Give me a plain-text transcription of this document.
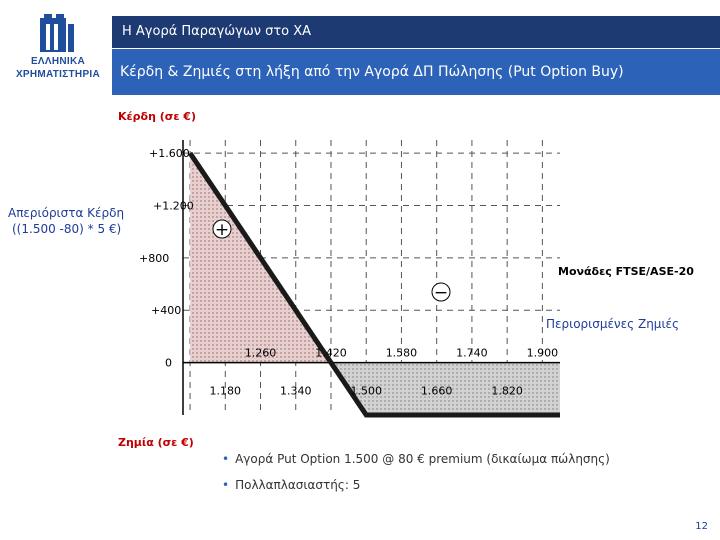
ΕΛΛΗΝΙΚΑ
ΧΡΗΜΑΤΙΣΤΗΡΙΑ
Η Αγορά Παραγώγων στο ΧΑ
Κέρδη & Ζημιές στη λήξη από την Αγορά ΔΠ Πώλησης (Put Option Buy)
+1.600
+1.200
+800
+400
0
1.260	1.420	1.580	1.740	1.900
1.180	1.340	1.500	1.660	1.820
+
−
Κέρδη (σε €)
Ζημία (σε €)
Μονάδες FTSE/ASE-20
Απεριόριστα Κέρδη
((1.500 -80) * 5 €)
Περιορισμένες Ζημιές
• Αγορά Put Option 1.500 @ 80 € premium (δικαίωμα πώλησης)
• Πολλαπλασιαστής: 5
12
